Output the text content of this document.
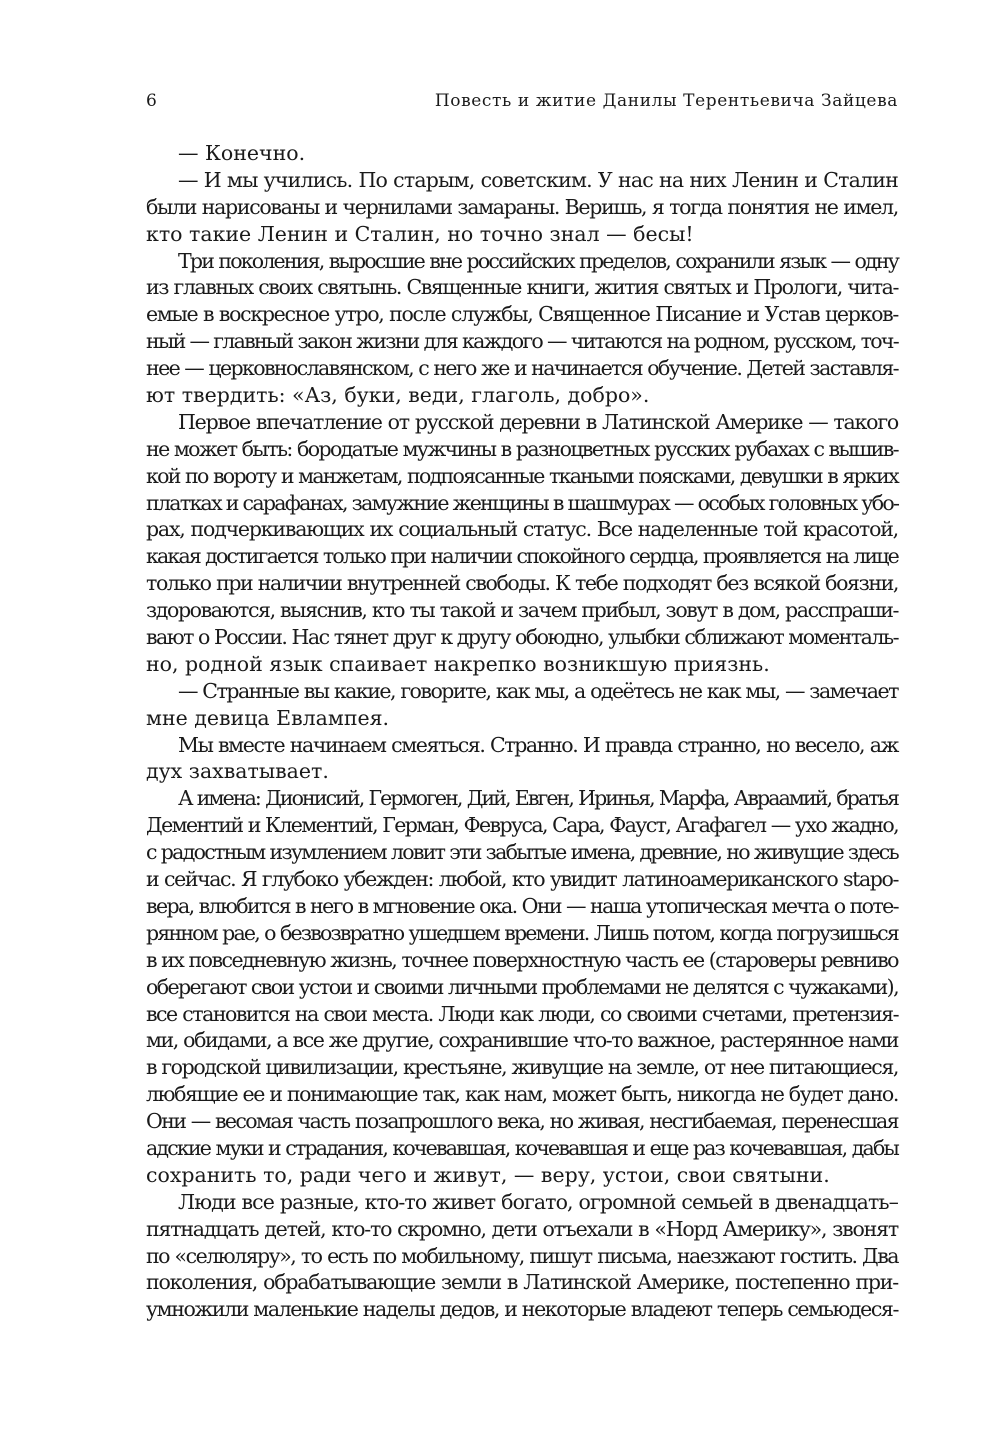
6	Повесть и житие Данилы Терентьевича Зайцева
— Конечно.
— И мы учились. По старым, советским. У нас на них Ленин и Сталин
были нарисованы и чернилами замараны. Веришь, я тогда понятия не имел,
кто такие Ленин и Сталин, но точно знал — бесы!
Три поколения, выросшие вне российских пределов, сохранили язык — одну
из главных своих святынь. Священные книги, жития святых и Прологи, чита-
емые в воскресное утро, после службы, Священное Писание и Устав церков-
ный — главный закон жизни для каждого — читаются на родном, русском, точ-
нее — церковнославянском, с него же и начинается обучение. Детей заставля-
ют твердить: «Аз, буки, веди, глаголь, добро».
Первое впечатление от русской деревни в Латинской Америке — такого
не может быть: бородатые мужчины в разноцветных русских рубахах с вышив-
кой по вороту и манжетам, подпоясанные ткаными поясками, девушки в ярких
платках и сарафанах, замужние женщины в шашмурах — особых головных убо-
рах, подчеркивающих их социальный статус. Все наделенные той красотой,
какая достигается только при наличии спокойного сердца, проявляется на лице
только при наличии внутренней свободы. К тебе подходят без всякой боязни,
здороваются, выяснив, кто ты такой и зачем прибыл, зовут в дом, расспраши-
вают о России. Нас тянет друг к другу обоюдно, улыбки сближают моменталь-
но, родной язык спаивает накрепко возникшую приязнь.
— Странные вы какие, говорите, как мы, а одеётесь не как мы, — замечает
мне девица Евлампея.
Мы вместе начинаем смеяться. Странно. И правда странно, но весело, аж
дух захватывает.
А имена: Дионисий, Гермоген, Дий, Евген, Иринья, Марфа, Авраамий, братья
Дементий и Клементий, Герман, Февруса, Сара, Фауст, Агафагел — ухо жадно,
с радостным изумлением ловит эти забытые имена, древние, но живущие здесь
и сейчас. Я глубоко убежден: любой, кто увидит латиноамериканского staро-
вера, влюбится в него в мгновение ока. Они — наша утопическая мечта о поте-
рянном рае, о безвозвратно ушедшем времени. Лишь потом, когда погрузишься
в их повседневную жизнь, точнее поверхностную часть ее (староверы ревниво
оберегают свои устои и своими личными проблемами не делятся с чужаками),
все становится на свои места. Люди как люди, со своими счетами, претензия-
ми, обидами, а все же другие, сохранившие что-то важное, растерянное нами
в городской цивилизации, крестьяне, живущие на земле, от нее питающиеся,
любящие ее и понимающие так, как нам, может быть, никогда не будет дано.
Они — весомая часть позапрошлого века, но живая, несгибаемая, перенесшая
адские муки и страдания, кочевавшая, кочевавшая и еще раз кочевавшая, дабы
сохранить то, ради чего и живут, — веру, устои, свои святыни.
Люди все разные, кто-то живет богато, огромной семьей в двенадцать–
пятнадцать детей, кто-то скромно, дети отъехали в «Норд Америку», звонят
по «селюляру», то есть по мобильному, пишут письма, наезжают гостить. Два
поколения, обрабатывающие земли в Латинской Америке, постепенно при-
умножили маленькие наделы дедов, и некоторые владеют теперь семьюдеся-
